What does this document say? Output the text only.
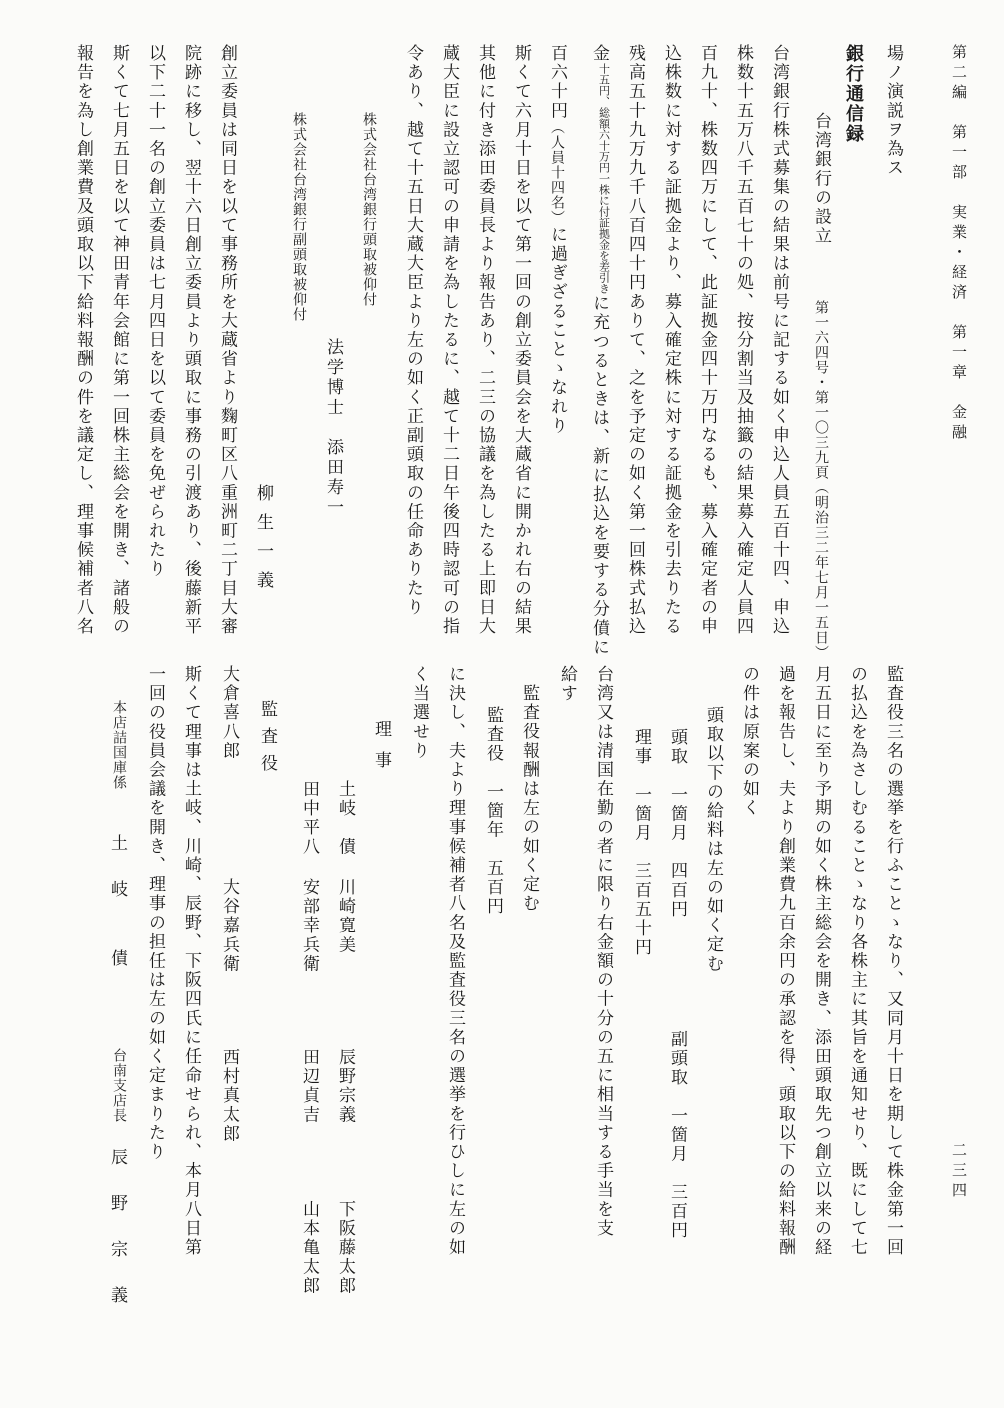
第二編　第一部　実業・経済　第一章　金融
二三四
場ノ演説ヲ為ス
銀行通信録
台湾銀行の設立
第一六四号・第一〇三九頁（明治三二年七月一五日）
台湾銀行株式募集の結果は前号に記する如く申込人員五百十四、申込
株数十五万八千五百七十の処、按分割当及抽籤の結果募入確定人員四
百九十、株数四万にして、此証拠金四十万円なるも、募入確定者の申
込株数に対する証拠金より、募入確定株に対する証拠金を引去りたる
残高五十九万九千八百四十円ありて、之を予定の如く第一回株式払込
金
一株に付証拠金を差引き
十五円、総額六十万円
に充つるときは、新に払込を要する分僨に
百六十円（人員十四名）に過ぎざることゝなれり
斯くて六月十日を以て第一回の創立委員会を大蔵省に開かれ右の結果
其他に付き添田委員長より報告あり、二三の協議を為したる上即日大
蔵大臣に設立認可の申請を為したるに、越て十二日午後四時認可の指
令あり、越て十五日大蔵大臣より左の如く正副頭取の任命ありたり
株式会社台湾銀行頭取被仰付
法学博士　添田寿一
株式会社台湾銀行副頭取被仰付
柳生一義
創立委員は同日を以て事務所を大蔵省より麴町区八重洲町二丁目大審
院跡に移し、翌十六日創立委員より頭取に事務の引渡あり、後藤新平
以下二十一名の創立委員は七月四日を以て委員を免ぜられたり
斯くて七月五日を以て神田青年会館に第一回株主総会を開き、諸般の
報告を為し創業費及頭取以下給料報酬の件を議定し、理事候補者八名
監査役三名の選挙を行ふことゝなり、又同月十日を期して株金第一回
の払込を為さしむることゝなり各株主に其旨を通知せり、既にして七
月五日に至り予期の如く株主総会を開き、添田頭取先つ創立以来の経
過を報告し、夫より創業費九百余円の承認を得、頭取以下の給料報酬
の件は原案の如く
頭取以下の給料は左の如く定む
頭取　一箇月　四百円
副頭取　一箇月　三百円
理事　一箇月　三百五十円
台湾又は清国在勤の者に限り右金額の十分の五に相当する手当を支
給す
監査役報酬は左の如く定む
監査役　一箇年　五百円
に決し、夫より理事候補者八名及監査役三名の選挙を行ひしに左の如
く当選せり
理事
土岐　債
川崎寛美
辰野宗義
下阪藤太郎
田中平八
安部幸兵衛
田辺貞吉
山本亀太郎
監査役
大倉喜八郎
大谷嘉兵衛
西村真太郎
斯くて理事は土岐、川崎、辰野、下阪四氏に任命せられ、本月八日第
一回の役員会議を開き、理事の担任は左の如く定まりたり
本店詰国庫係
土　岐　　債
台南支店長
辰　野　宗　義
